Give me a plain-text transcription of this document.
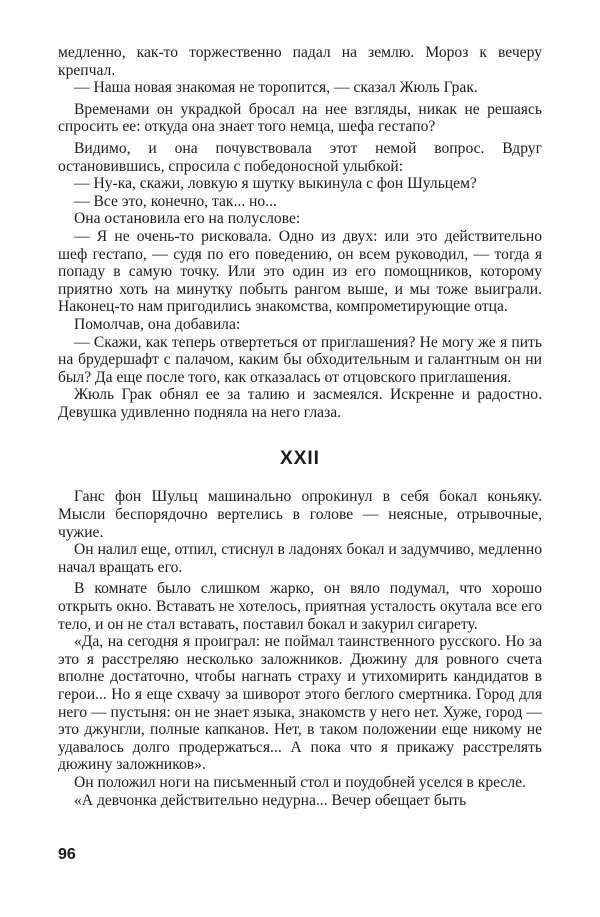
медленно, как-то торжественно падал на землю. Мороз к вечеру крепчал.

— Наша новая знакомая не торопится, — сказал Жюль Грак.

Временами он украдкой бросал на нее взгляды, никак не решаясь спросить ее: откуда она знает того немца, шефа гестапо?

Видимо, и она почувствовала этот немой вопрос. Вдруг остановившись, спросила с победоносной улыбкой:

— Ну-ка, скажи, ловкую я шутку выкинула с фон Шульцем?

— Все это, конечно, так... но...

Она остановила его на полуслове:

— Я не очень-то рисковала. Одно из двух: или это действительно шеф гестапо, — судя по его поведению, он всем руководил, — тогда я попаду в самую точку. Или это один из его помощников, которому приятно хоть на минутку побыть рангом выше, и мы тоже выиграли. Наконец-то нам пригодились знакомства, компрометирующие отца.

Помолчав, она добавила:

— Скажи, как теперь отвертеться от приглашения? Не могу же я пить на брудершафт с палачом, каким бы обходительным и галантным он ни был? Да еще после того, как отказалась от отцовского приглашения.

Жюль Грак обнял ее за талию и засмеялся. Искренне и радостно. Девушка удивленно подняла на него глаза.

XXII

Ганс фон Шульц машинально опрокинул в себя бокал коньяку. Мысли беспорядочно вертелись в голове — неясные, отрывочные, чужие.

Он налил еще, отпил, стиснул в ладонях бокал и задумчиво, медленно начал вращать его.

В комнате было слишком жарко, он вяло подумал, что хорошо открыть окно. Вставать не хотелось, приятная усталость окутала все его тело, и он не стал вставать, поставил бокал и закурил сигарету.

«Да, на сегодня я проиграл: не поймал таинственного русского. Но за это я расстреляю несколько заложников. Дюжину для ровного счета вполне достаточно, чтобы нагнать страху и утихомирить кандидатов в герои... Но я еще схвачу за шиворот этого беглого смертника. Город для него — пустыня: он не знает языка, знакомств у него нет. Хуже, город — это джунгли, полные капканов. Нет, в таком положении еще никому не удавалось долго продержаться... А пока что я прикажу расстрелять дюжину заложников».

Он положил ноги на письменный стол и поудобней уселся в кресле.

«А девчонка действительно недурна... Вечер обещает быть

96
